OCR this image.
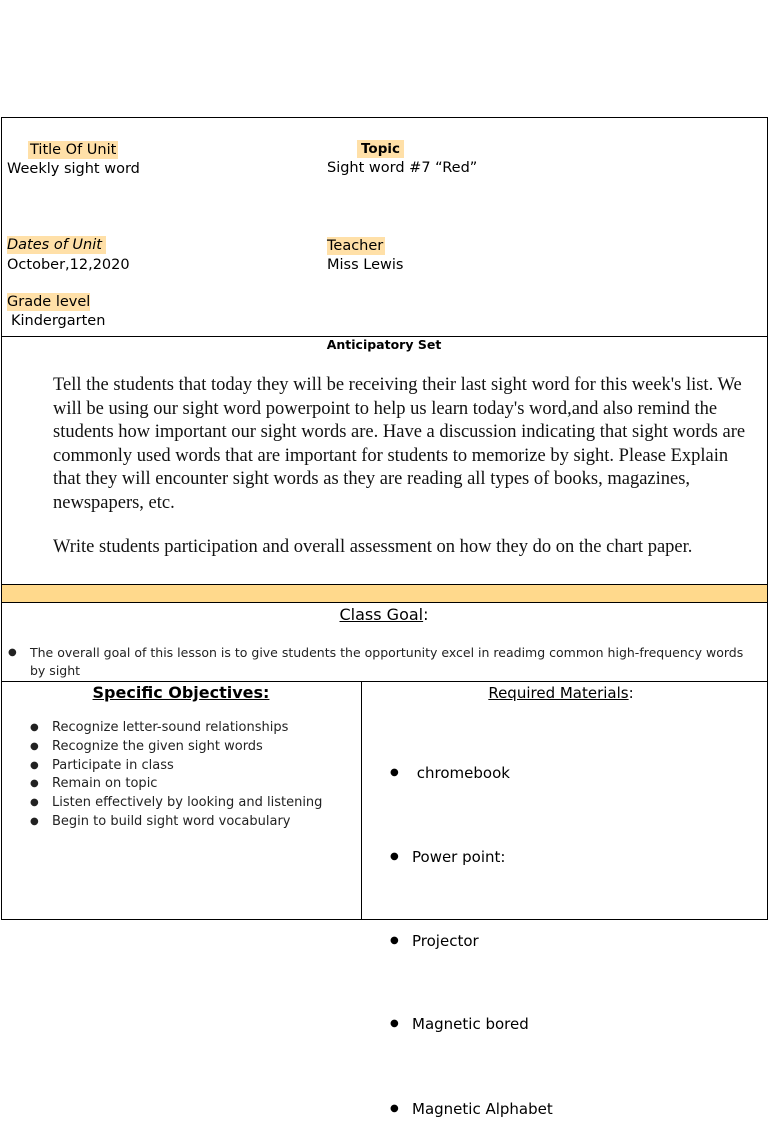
Title Of Unit
Weekly sight word
Topic
Sight word #7 “Red”
Dates of Unit
October,12,2020
Teacher
Miss Lewis
Grade level
Kindergarten
Anticipatory Set
Tell the students that today they will be receiving their last sight word for this week's list. We will be using our sight word powerpoint to help us learn today's word,and also remind the students how important our sight words are. Have a discussion indicating that sight words are commonly used words that are important for students to memorize by sight. Please Explain that they will encounter sight words as they are reading all types of books, magazines, newspapers, etc.
Write students participation and overall assessment on how they do on the chart paper.
Class Goal:
● The overall goal of this lesson is to give students the opportunity excel in readimg common high-frequency words by sight
Specific Objectives:
● Recognize letter-sound relationships
● Recognize the given sight words
● Participate in class
● Remain on topic
● Listen effectively by looking and listening
● Begin to build sight word vocabulary
Required Materials:

●  chromebook

● Power point:

● Projector

● Magnetic bored

● Magnetic Alphabet
